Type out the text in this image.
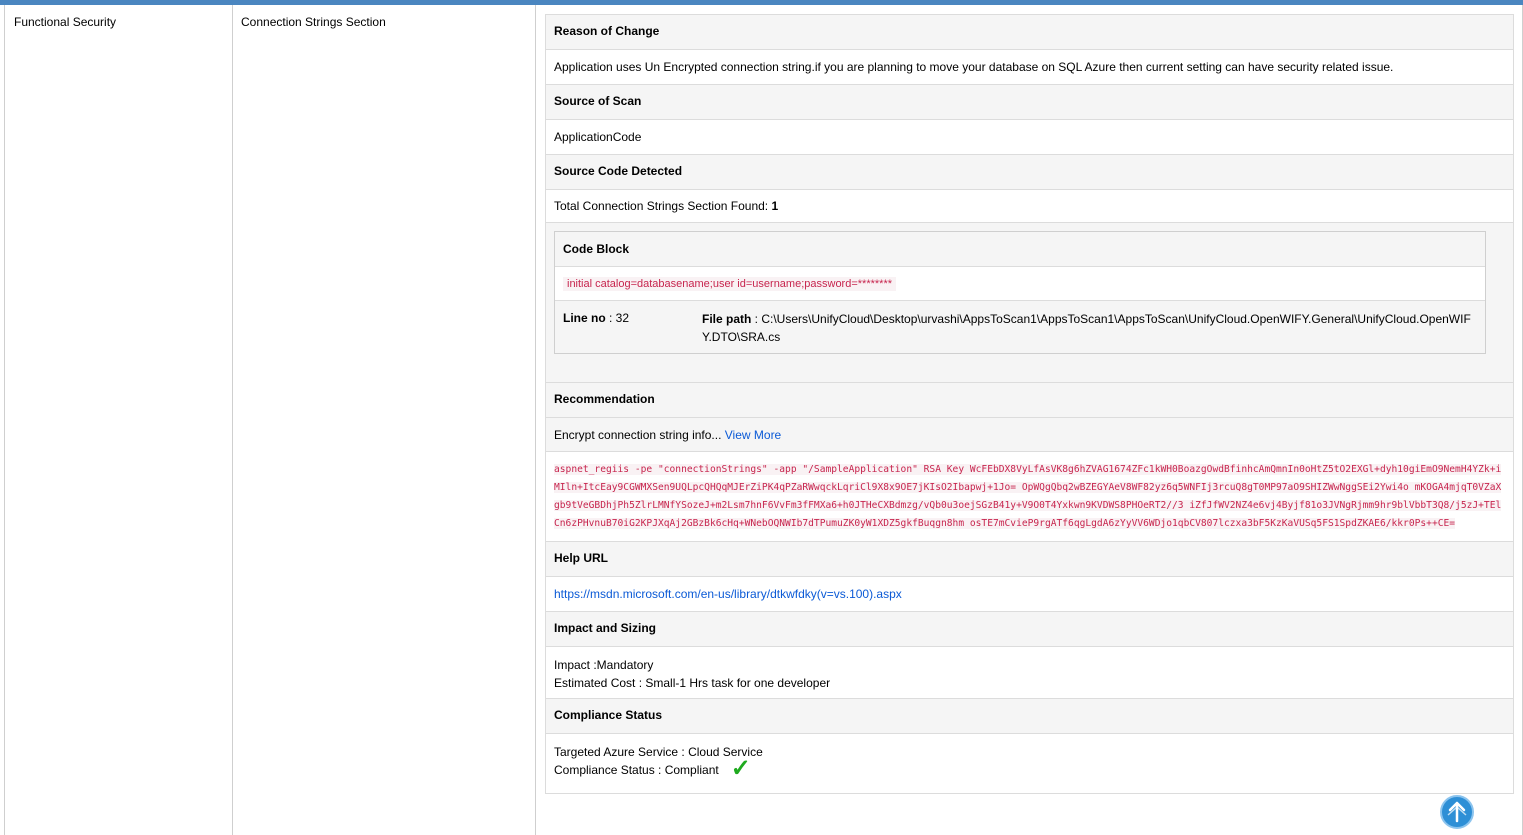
Functional Security	Connection Strings Section
Reason of Change
Application uses Un Encrypted connection string.if you are planning to move your database on SQL Azure then current setting can have security related issue.
Source of Scan
ApplicationCode
Source Code Detected
Total Connection Strings Section Found: 1
Code Block
initial catalog=databasename;user id=username;password=********
Line no : 32	File path : C:\Users\UnifyCloud\Desktop\urvashi\AppsToScan1\AppsToScan1\AppsToScan\UnifyCloud.OpenWIFY.General\UnifyCloud.OpenWIFY.DTO\SRA.cs
Recommendation
Encrypt connection string info... View More
aspnet_regiis -pe "connectionStrings" -app "/SampleApplication" RSA Key WcFEbDX8VyLfAsVK8g6hZVAG1674ZFc1kWH0BoazgOwdBfinhcAmQmnIn0oHtZ5tO2EXGl+dyh10giEmO9NemH4YZk+iMIln+ItcEay9CGWMXSen9UQLpcQHQqMJErZiPK4qPZaRWwqckLqriCl9X8x9OE7jKIsO2Ibapwj+1Jo= OpWQgQbq2wBZEGYAeV8WF82yz6q5WNFIj3rcuQ8gT0MP97aO9SHIZWwNggSEi2Ywi4o mKOGA4mjqT0VZaXgb9tVeGBDhjPh5ZlrLMNfYSozeJ+m2Lsm7hnF6VvFm3fFMXa6+h0JTHeCXBdmzg/vQb0u3oejSGzB41y+V9O0T4Yxkwn9KVDWS8PHOeRT2//3 iZfJfWV2NZ4e6vj4Byjf81o3JVNgRjmm9hr9blVbbT3Q8/j5zJ+TElCn6zPHvnuB70iG2KPJXqAj2GBzBk6cHq+WNebOQNWIb7dTPumuZK0yW1XDZ5gkfBuqgn8hm osTE7mCvieP9rgATf6qgLgdA6zYyVV6WDjo1qbCV807lczxa3bF5KzKaVUSq5FS1SpdZKAE6/kkr0Ps++CE=
Help URL
https://msdn.microsoft.com/en-us/library/dtkwfdky(v=vs.100).aspx
Impact and Sizing
Impact :Mandatory
Estimated Cost : Small-1 Hrs task for one developer
Compliance Status
Targeted Azure Service : Cloud Service
Compliance Status : Compliant ✓
